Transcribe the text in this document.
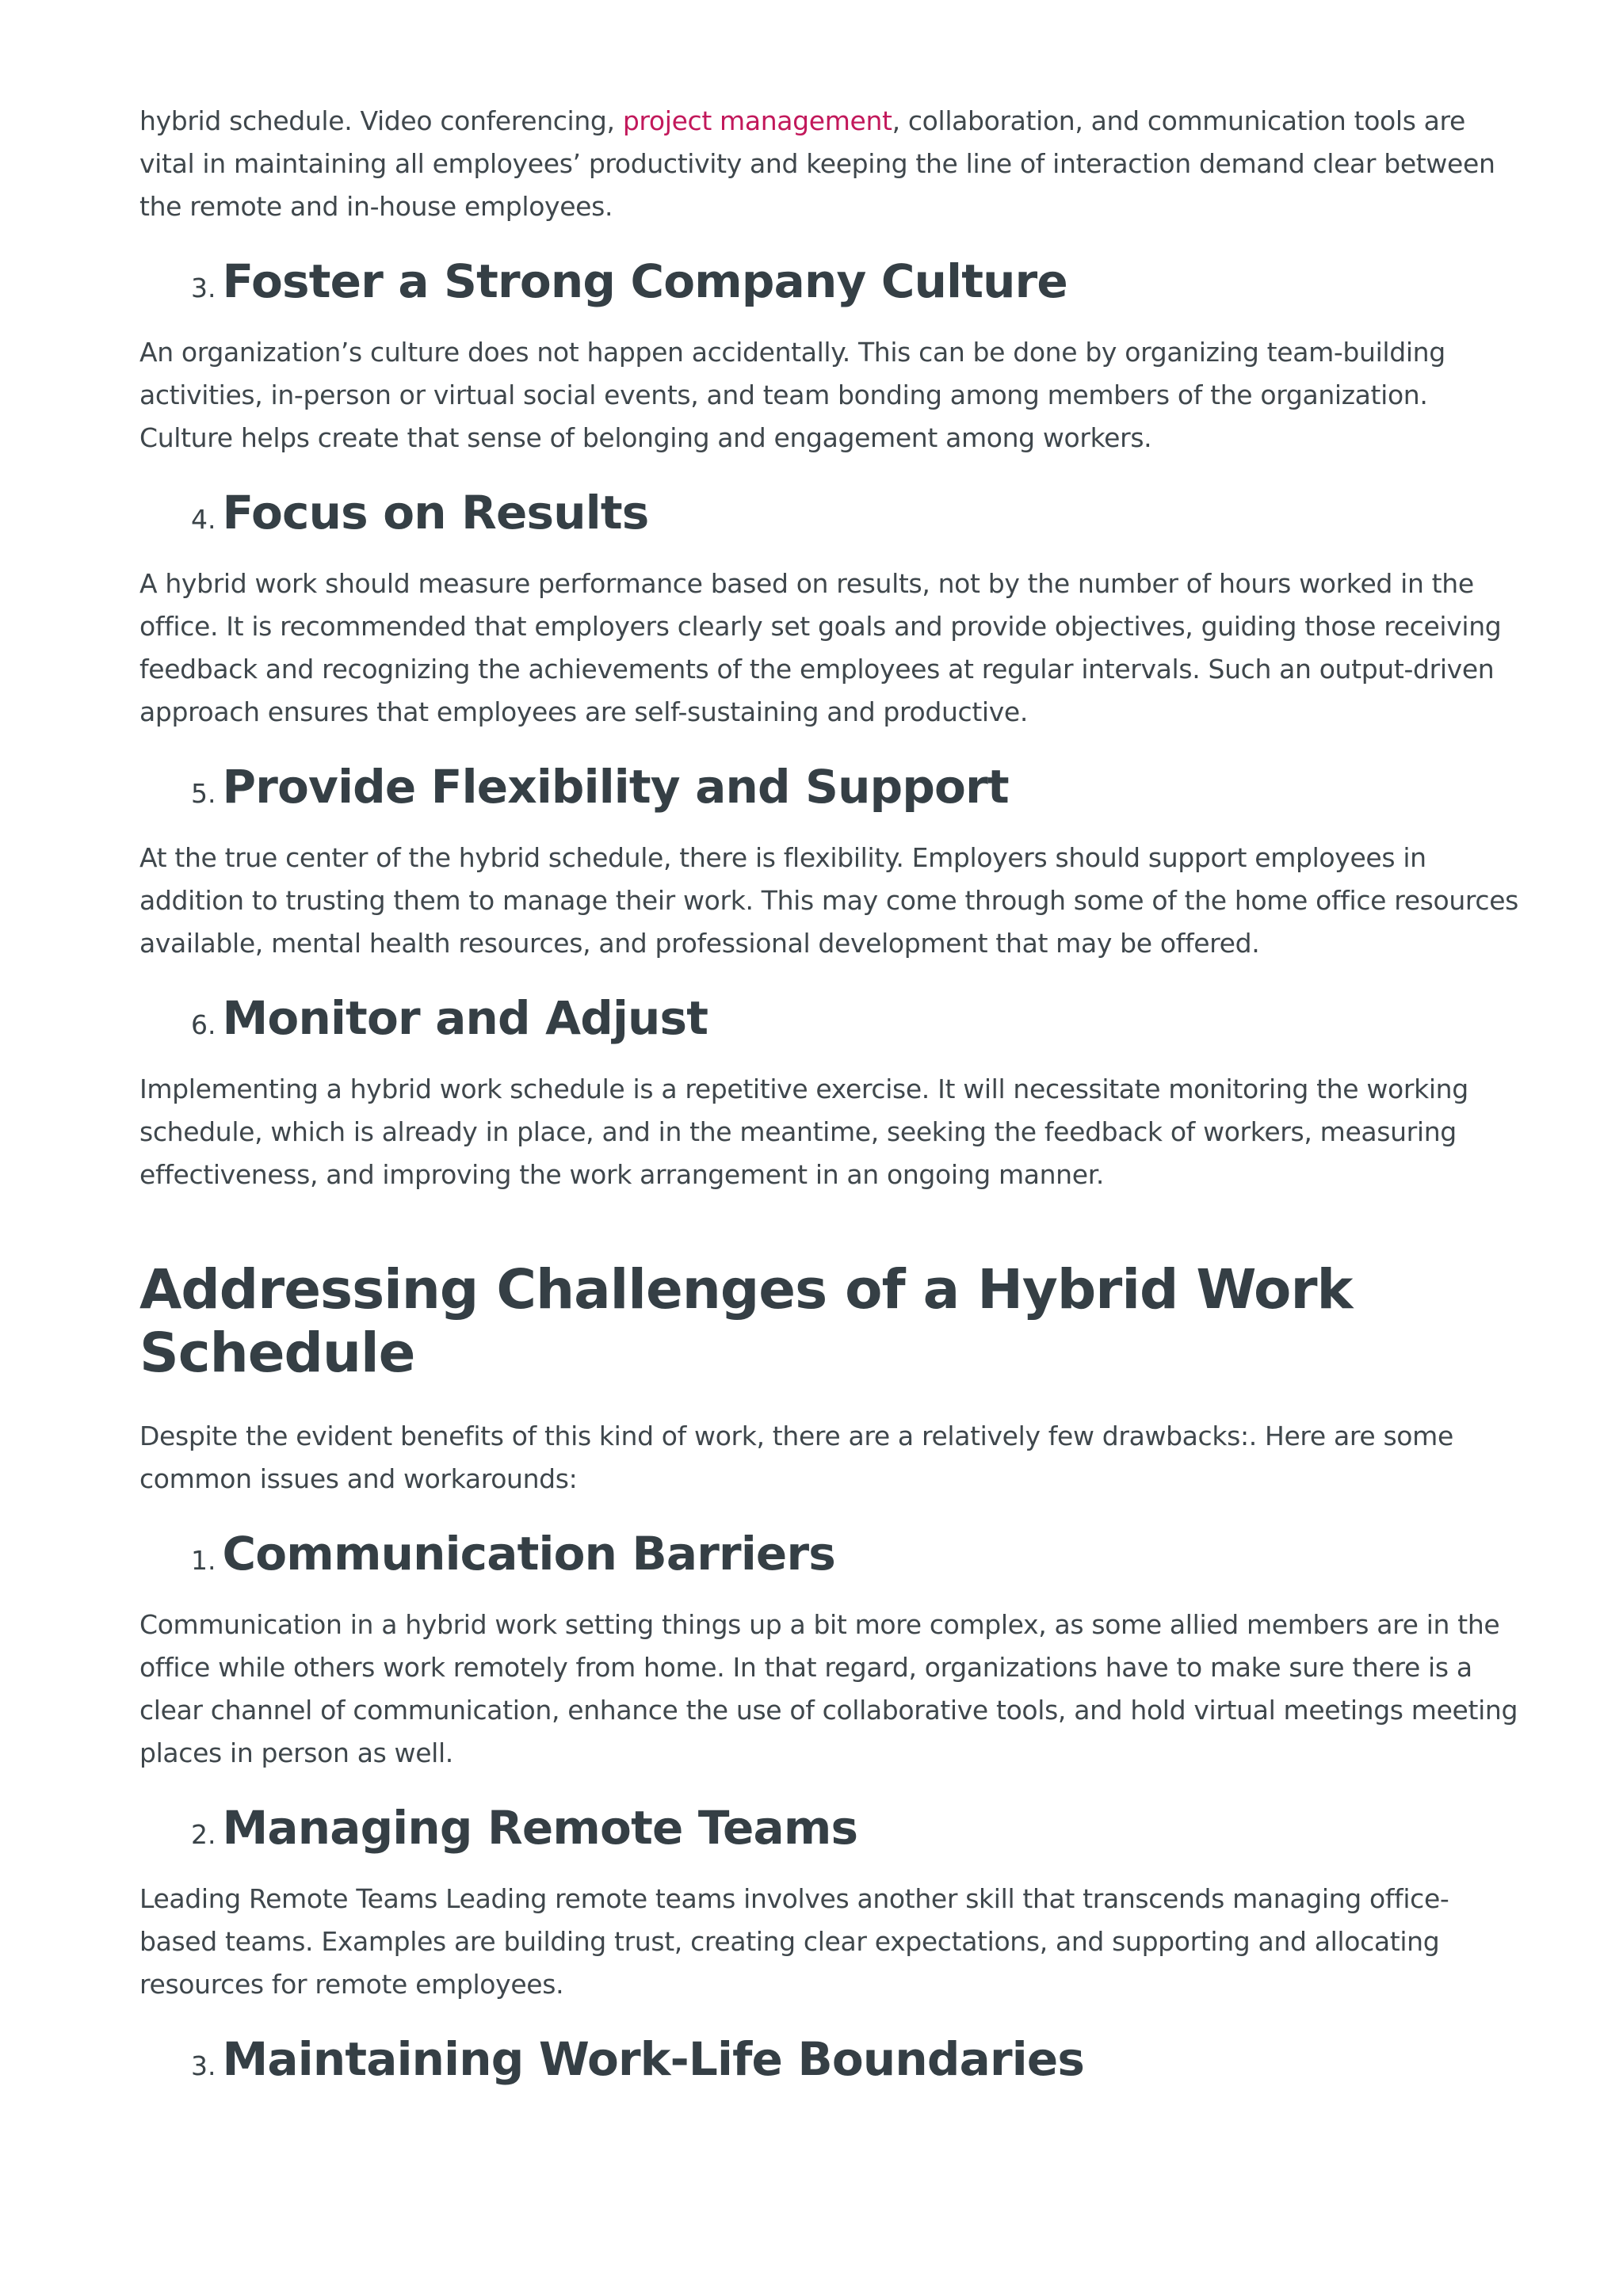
hybrid schedule. Video conferencing, project management, collaboration, and communication tools are vital in maintaining all employees’ productivity and keeping the line of interaction demand clear between the remote and in-house employees.

3. Foster a Strong Company Culture

An organization’s culture does not happen accidentally. This can be done by organizing team-building activities, in-person or virtual social events, and team bonding among members of the organization. Culture helps create that sense of belonging and engagement among workers.

4. Focus on Results

A hybrid work should measure performance based on results, not by the number of hours worked in the office. It is recommended that employers clearly set goals and provide objectives, guiding those receiving feedback and recognizing the achievements of the employees at regular intervals. Such an output-driven approach ensures that employees are self-sustaining and productive.

5. Provide Flexibility and Support

At the true center of the hybrid schedule, there is flexibility. Employers should support employees in addition to trusting them to manage their work. This may come through some of the home office resources available, mental health resources, and professional development that may be offered.

6. Monitor and Adjust

Implementing a hybrid work schedule is a repetitive exercise. It will necessitate monitoring the working schedule, which is already in place, and in the meantime, seeking the feedback of workers, measuring effectiveness, and improving the work arrangement in an ongoing manner.

Addressing Challenges of a Hybrid Work Schedule

Despite the evident benefits of this kind of work, there are a relatively few drawbacks:. Here are some common issues and workarounds:

1. Communication Barriers

Communication in a hybrid work setting things up a bit more complex, as some allied members are in the office while others work remotely from home. In that regard, organizations have to make sure there is a clear channel of communication, enhance the use of collaborative tools, and hold virtual meetings meeting places in person as well.

2. Managing Remote Teams

Leading Remote Teams Leading remote teams involves another skill that transcends managing office-based teams. Examples are building trust, creating clear expectations, and supporting and allocating resources for remote employees.

3. Maintaining Work-Life Boundaries
